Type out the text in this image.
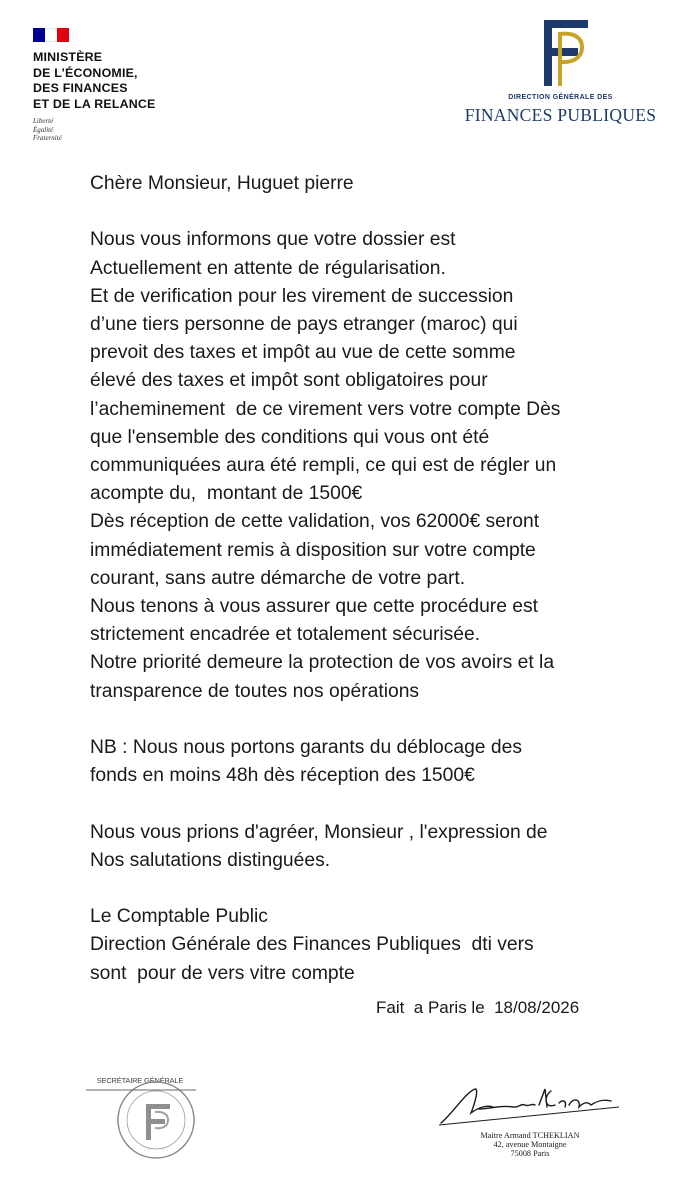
MINISTÈRE
DE L’ÉCONOMIE,
DES FINANCES
ET DE LA RELANCE
Liberté
Égalité
Fraternité
DIRECTION GÉNÉRALE DES
FINANCES PUBLIQUES
Chère Monsieur, Huguet pierre
Nous vous informons que votre dossier est
Actuellement en attente de régularisation.
Et de verification pour les virement de succession
d’une tiers personne de pays etranger (maroc) qui
prevoit des taxes et impôt au vue de cette somme
élevé des taxes et impôt sont obligatoires pour
l’acheminement  de ce virement vers votre compte Dès
que l'ensemble des conditions qui vous ont été
communiquées aura été rempli, ce qui est de régler un
acompte du,  montant de 1500€
Dès réception de cette validation, vos 62000€ seront
immédiatement remis à disposition sur votre compte
courant, sans autre démarche de votre part.
Nous tenons à vous assurer que cette procédure est
strictement encadrée et totalement sécurisée.
Notre priorité demeure la protection de vos avoirs et la
transparence de toutes nos opérations
NB : Nous nous portons garants du déblocage des
fonds en moins 48h dès réception des 1500€
Nous vous prions d'agréer, Monsieur , l'expression de
Nos salutations distinguées.
Le Comptable Public
Direction Générale des Finances Publiques  dti vers
sont  pour de vers vitre compte
Fait  a Paris le  18/08/2026
SECRÉTAIRE GÉNÉRALE
Maitre Armand TCHEKLIAN
42, avenue Montaigne
75008 Paris
